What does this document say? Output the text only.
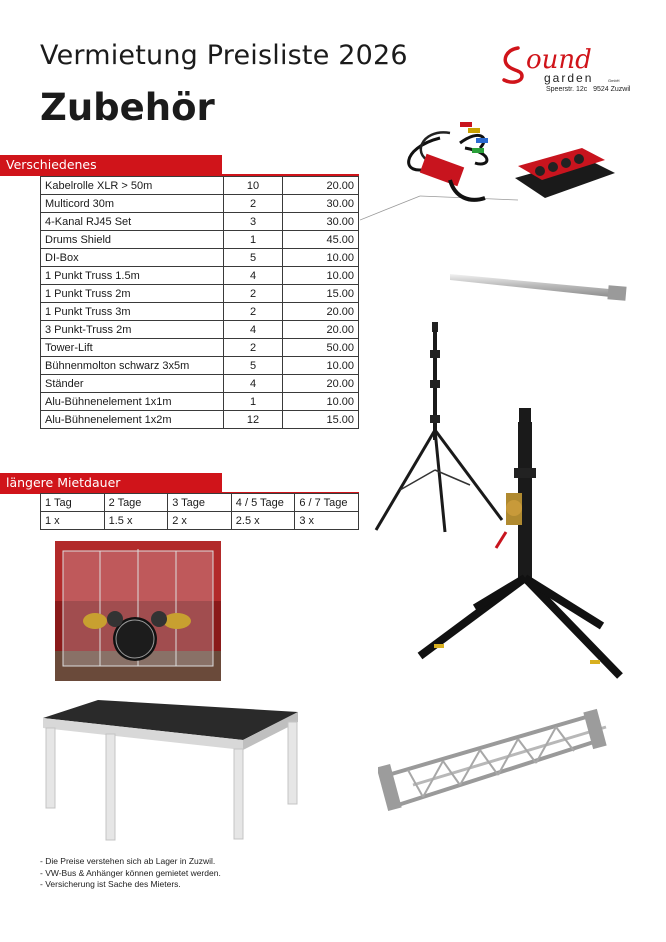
Vermietung Preisliste 2026
Zubehör
ound
garden	GmbH
Speerstr. 12c 9524 Zuzwil
Verschiedenes
Kabelrolle XLR > 50m	10	20.00
Multicord 30m	2	30.00
4-Kanal RJ45 Set	3	30.00
Drums Shield	1	45.00
DI-Box	5	10.00
1 Punkt Truss 1.5m	4	10.00
1 Punkt Truss 2m	2	15.00
1 Punkt Truss 3m	2	20.00
3 Punkt-Truss 2m	4	20.00
Tower-Lift	2	50.00
Bühnenmolton schwarz 3x5m	5	10.00
Ständer	4	20.00
Alu-Bühnenelement 1x1m	1	10.00
Alu-Bühnenelement 1x2m	12	15.00
längere Mietdauer
1 Tag	2 Tage	3 Tage	4 / 5 Tage	6 / 7 Tage
1 x	1.5 x	2 x	2.5 x	3 x
- Die Preise verstehen sich ab Lager in Zuzwil.
- VW-Bus & Anhänger können gemietet werden.
- Versicherung ist Sache des Mieters.
